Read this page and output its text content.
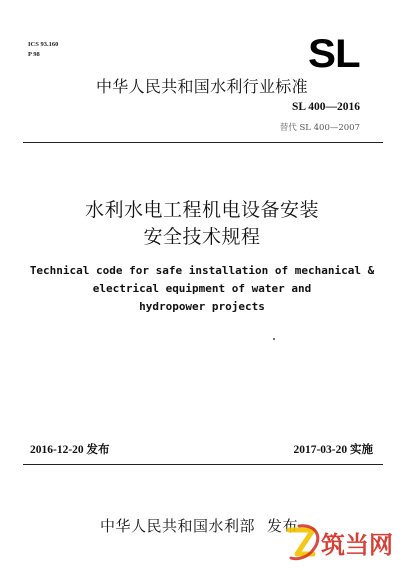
ICS 93.160
P 98	SL
中华人民共和国水利行业标准
SL 400—2016
替代 SL 400—2007
水利水电工程机电设备安装
安全技术规程
Technical code for safe installation of mechanical &
electrical equipment of water and
hydropower projects
2016-12-20 发布	2017-03-20 实施
中华人民共和国水利部 发布
筑当网
